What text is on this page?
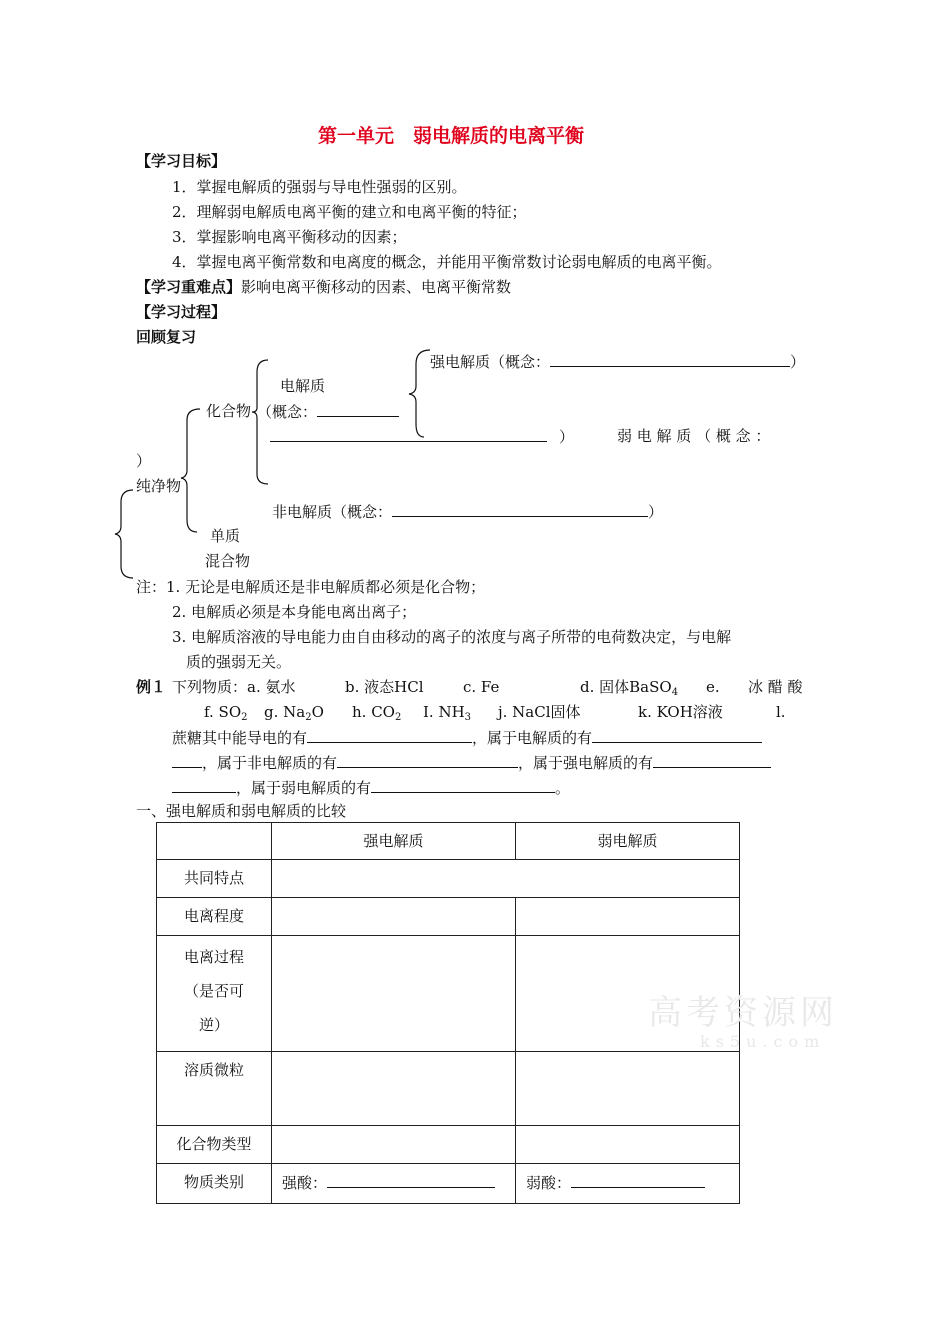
第一单元　弱电解质的电离平衡
【学习目标】
1．掌握电解质的强弱与导电性强弱的区别。
2．理解弱电解质电离平衡的建立和电离平衡的特征；
3．掌握影响电离平衡移动的因素；
4．掌握电离平衡常数和电离度的概念，并能用平衡常数讨论弱电解质的电离平衡。
【学习重难点】影响电离平衡移动的因素、电离平衡常数
【学习过程】
回顾复习
强电解质（概念：	）
电解质
化合物 （概念：
）	弱 电 解 质 （ 概 念 ：
）
纯净物
非电解质（概念：	）
单质
混合物
注：1. 无论是电解质还是非电解质都必须是化合物；
2. 电解质必须是本身能电离出离子；
3. 电解质溶液的导电能力由自由移动的离子的浓度与离子所带的电荷数决定，与电解
质的强弱无关。
例１ 下列物质：a. 氨水	b. 液态HCl	c. Fe	d. 固体BaSO$_4$ e. 冰 醋 酸
f. $SO_2$ g. $Na_2O$ h. $CO_2$ I. $NH_3$ j. NaCl固体	k. KOH溶液	l.
蔗糖其中能导电的有	，属于电解质的有
，属于非电解质的有	，属于强电解质的有
，属于弱电解质的有	。
一、强电解质和弱电解质的比较
	强电解质	弱电解质
共同特点		
电离程度		

电离过程
（是否可
逆）		

溶质微粒		
化合物类型		
物质类别	强酸：	弱酸：
高考资源网
ks5u.com
